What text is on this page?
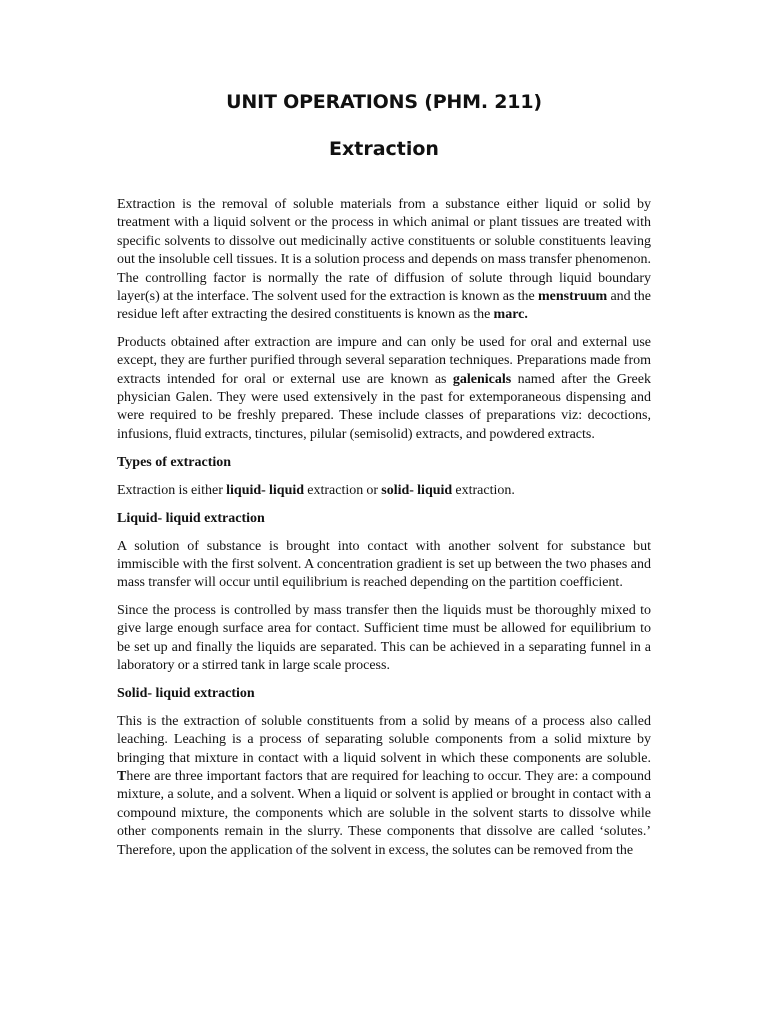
UNIT OPERATIONS (PHM. 211)
Extraction

Extraction is the removal of soluble materials from a substance either liquid or solid by treatment with a liquid solvent or the process in which animal or plant tissues are treated with specific solvents to dissolve out medicinally active constituents or soluble constituents leaving out the insoluble cell tissues. It is a solution process and depends on mass transfer phenomenon. The controlling factor is normally the rate of diffusion of solute through liquid boundary layer(s) at the interface. The solvent used for the extraction is known as the menstruum and the residue left after extracting the desired constituents is known as the marc.

Products obtained after extraction are impure and can only be used for oral and external use except, they are further purified through several separation techniques. Preparations made from extracts intended for oral or external use are known as galenicals named after the Greek physician Galen. They were used extensively in the past for extemporaneous dispensing and were required to be freshly prepared. These include classes of preparations viz: decoctions, infusions, fluid extracts, tinctures, pilular (semisolid) extracts, and powdered extracts.

Types of extraction

Extraction is either liquid- liquid extraction or solid- liquid extraction.

Liquid- liquid extraction

A solution of substance is brought into contact with another solvent for substance but immiscible with the first solvent. A concentration gradient is set up between the two phases and mass transfer will occur until equilibrium is reached depending on the partition coefficient.

Since the process is controlled by mass transfer then the liquids must be thoroughly mixed to give large enough surface area for contact. Sufficient time must be allowed for equilibrium to be set up and finally the liquids are separated. This can be achieved in a separating funnel in a laboratory or a stirred tank in large scale process.

Solid- liquid extraction

This is the extraction of soluble constituents from a solid by means of a process also called leaching. Leaching is a process of separating soluble components from a solid mixture by bringing that mixture in contact with a liquid solvent in which these components are soluble. There are three important factors that are required for leaching to occur. They are: a compound mixture, a solute, and a solvent. When a liquid or solvent is applied or brought in contact with a compound mixture, the components which are soluble in the solvent starts to dissolve while other components remain in the slurry. These components that dissolve are called ‘solutes.’ Therefore, upon the application of the solvent in excess, the solutes can be removed from the
